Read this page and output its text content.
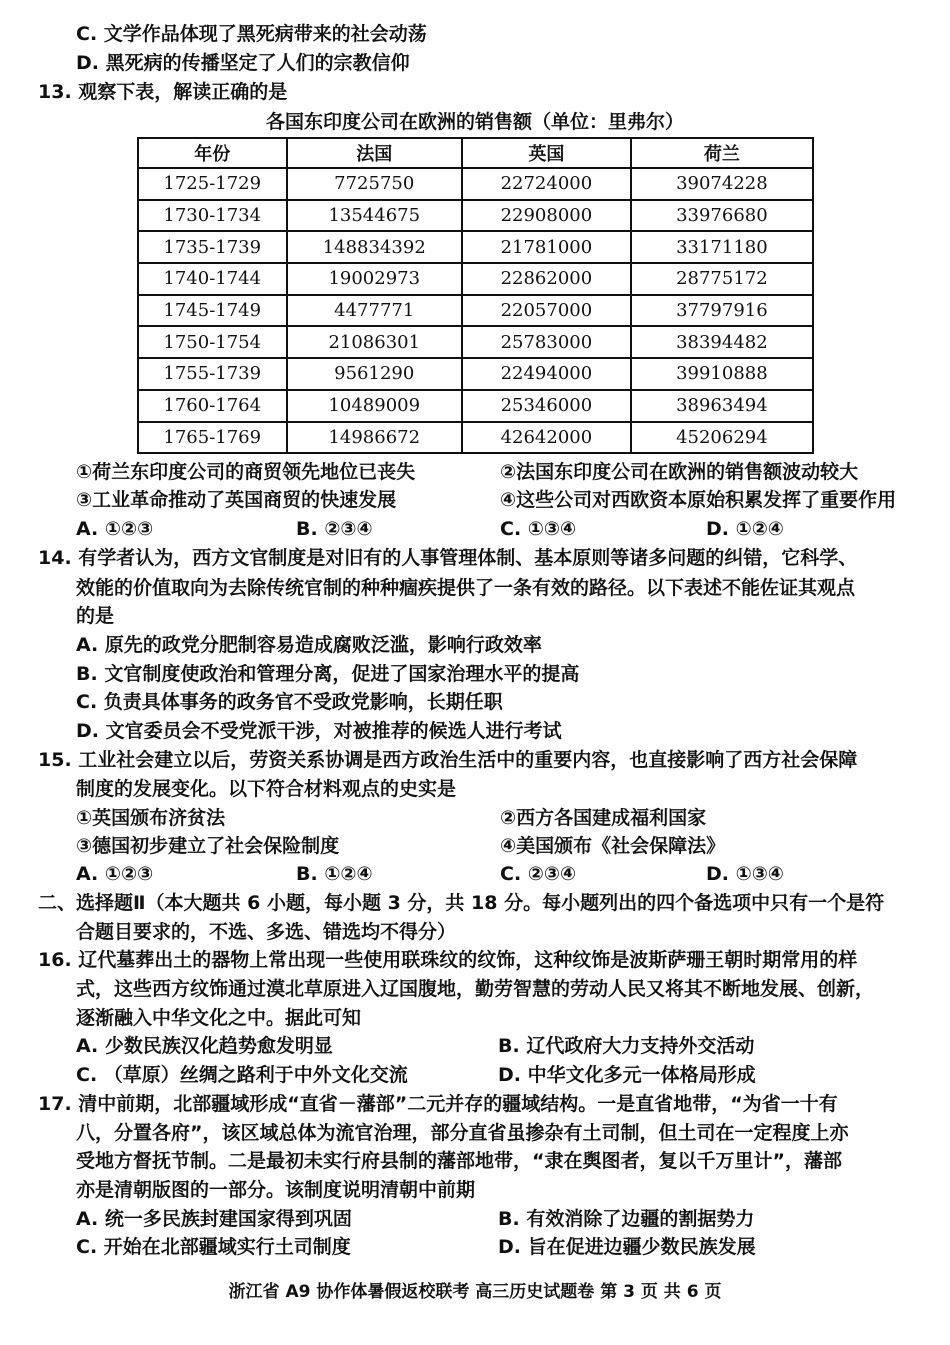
C. 文学作品体现了黑死病带来的社会动荡
D. 黑死病的传播坚定了人们的宗教信仰
13. 观察下表，解读正确的是
各国东印度公司在欧洲的销售额（单位：里弗尔）
年份	法国	英国	荷兰
1725-1729	7725750	22724000	39074228
1730-1734	13544675	22908000	33976680
1735-1739	148834392	21781000	33171180
1740-1744	19002973	22862000	28775172
1745-1749	4477771	22057000	37797916
1750-1754	21086301	25783000	38394482
1755-1739	9561290	22494000	39910888
1760-1764	10489009	25346000	38963494
1765-1769	14986672	42642000	45206294
①荷兰东印度公司的商贸领先地位已丧失	②法国东印度公司在欧洲的销售额波动较大
③工业革命推动了英国商贸的快速发展	④这些公司对西欧资本原始积累发挥了重要作用
A. ①②③	B. ②③④	C. ①③④	D. ①②④
14. 有学者认为，西方文官制度是对旧有的人事管理体制、基本原则等诸多问题的纠错，它科学、
效能的价值取向为去除传统官制的种种痼疾提供了一条有效的路径。以下表述不能佐证其观点
的是
A. 原先的政党分肥制容易造成腐败泛滥，影响行政效率
B. 文官制度使政治和管理分离，促进了国家治理水平的提高
C. 负责具体事务的政务官不受政党影响，长期任职
D. 文官委员会不受党派干涉，对被推荐的候选人进行考试
15. 工业社会建立以后，劳资关系协调是西方政治生活中的重要内容，也直接影响了西方社会保障
制度的发展变化。以下符合材料观点的史实是
①英国颁布济贫法	②西方各国建成福利国家
③德国初步建立了社会保险制度	④美国颁布《社会保障法》
A. ①②③	B. ①②④	C. ②③④	D. ①③④
二、选择题Ⅱ（本大题共 6 小题，每小题 3 分，共 18 分。每小题列出的四个备选项中只有一个是符
合题目要求的，不选、多选、错选均不得分）
16. 辽代墓葬出土的器物上常出现一些使用联珠纹的纹饰，这种纹饰是波斯萨珊王朝时期常用的样
式，这些西方纹饰通过漠北草原进入辽国腹地，勤劳智慧的劳动人民又将其不断地发展、创新，
逐渐融入中华文化之中。据此可知
A. 少数民族汉化趋势愈发明显	B. 辽代政府大力支持外交活动
C. （草原）丝绸之路利于中外文化交流	D. 中华文化多元一体格局形成
17. 清中前期，北部疆域形成“直省－藩部”二元并存的疆域结构。一是直省地带，“为省一十有
八，分置各府”，该区域总体为流官治理，部分直省虽掺杂有土司制，但土司在一定程度上亦
受地方督抚节制。二是最初未实行府县制的藩部地带，“隶在舆图者，复以千万里计”，藩部
亦是清朝版图的一部分。该制度说明清朝中前期
A. 统一多民族封建国家得到巩固	B. 有效消除了边疆的割据势力
C. 开始在北部疆域实行土司制度	D. 旨在促进边疆少数民族发展
浙江省 A9 协作体暑假返校联考 高三历史试题卷 第 3 页 共 6 页
